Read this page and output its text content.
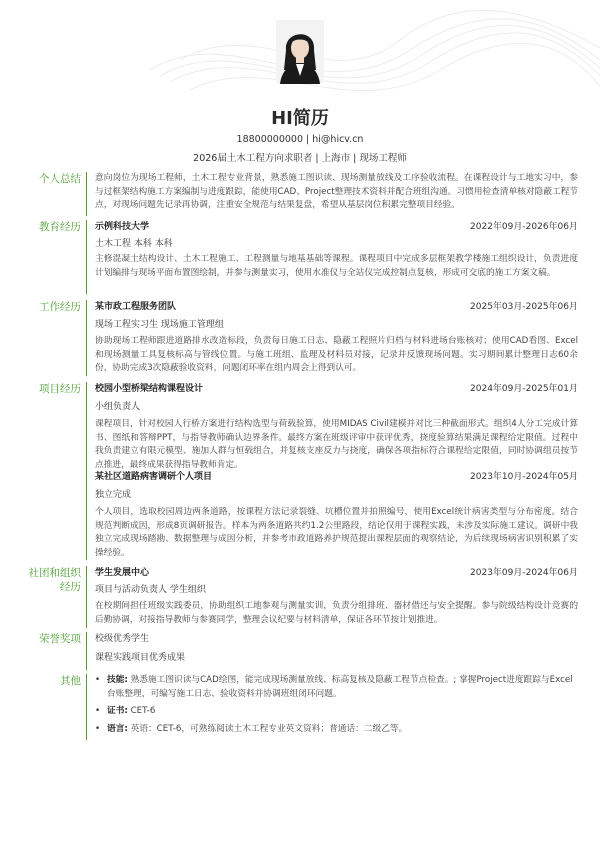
HI简历
18800000000 | hi@hicv.cn
2026届土木工程方向求职者 | 上海市 | 现场工程师
个人总结 意向岗位为现场工程师，土木工程专业背景，熟悉施工图识读、现场测量放线及工序验收流程。在课程设计与工地实习中，参与过框架结构施工方案编制与进度跟踪，能使用CAD、Project整理技术资料并配合班组沟通。习惯用检查清单核对隐蔽工程节点，对现场问题先记录再协调，注重安全规范与结果复盘，希望从基层岗位积累完整项目经验。

教育经历 示例科技大学	2022年09月-2026年06月
土木工程 本科 本科

主修混凝土结构设计、土木工程施工、工程测量与地基基础等课程。课程项目中完成多层框架教学楼施工组织设计，负责进度计划编排与现场平面布置图绘制，并参与测量实习，使用水准仪与全站仪完成控制点复核，形成可交底的施工方案文稿。

工作经历 某市政工程服务团队	2025年03月-2025年06月
现场工程实习生 现场施工管理组

协助现场工程师跟进道路排水改造标段，负责每日施工日志、隐蔽工程照片归档与材料进场台账核对；使用CAD看图、Excel和现场测量工具复核标高与管线位置。与施工班组、监理及材料员对接，记录并反馈现场问题。实习期间累计整理日志60余份，协助完成3次隐蔽验收资料，问题闭环率在组内周会上得到认可。

项目经历 校园小型桥梁结构课程设计	2024年09月-2025年01月
小组负责人

课程项目，针对校园人行桥方案进行结构选型与荷载验算，使用MIDAS Civil建模并对比三种截面形式。组织4人分工完成计算书、图纸和答辩PPT，与指导教师确认边界条件。最终方案在班级评审中获评优秀，挠度验算结果满足课程给定限值。过程中我负责建立有限元模型、施加人群与恒载组合，并复核支座反力与挠度，确保各项指标符合课程给定限值，同时协调组员按节点推进，最终成果获得指导教师肯定。

某社区道路病害调研个人项目	2023年10月-2024年05月
独立完成

个人项目，选取校园周边两条道路，按课程方法记录裂缝、坑槽位置并拍照编号，使用Excel统计病害类型与分布密度。结合规范判断成因，形成8页调研报告。样本为两条道路共约1.2公里路段，结论仅用于课程实践，未涉及实际施工建议。调研中我独立完成现场踏勘、数据整理与成因分析，并参考市政道路养护规范提出课程层面的观察结论，为后续现场病害识别积累了实操经验。

社团和组织经历
学生发展中心	2023年09月-2024年06月
项目与活动负责人 学生组织

在校期间担任班级实践委员，协助组织工地参观与测量实训，负责分组排班、器材借还与安全提醒。参与院级结构设计竞赛的后勤协调，对接指导教师与参赛同学，整理会议纪要与材料清单，保证各环节按计划推进。

荣誉奖项 校级优秀学生
课程实践项目优秀成果
其他
•	技能: 熟悉施工图识读与CAD绘图，能完成现场测量放线、标高复核及隐蔽工程节点检查。; 掌握Project进度跟踪与Excel台账整理，可编写施工日志、验收资料并协调班组闭环问题。
• 证书: CET-6
• 语言: 英语：CET-6，可熟练阅读土木工程专业英文资料；普通话：二级乙等。
